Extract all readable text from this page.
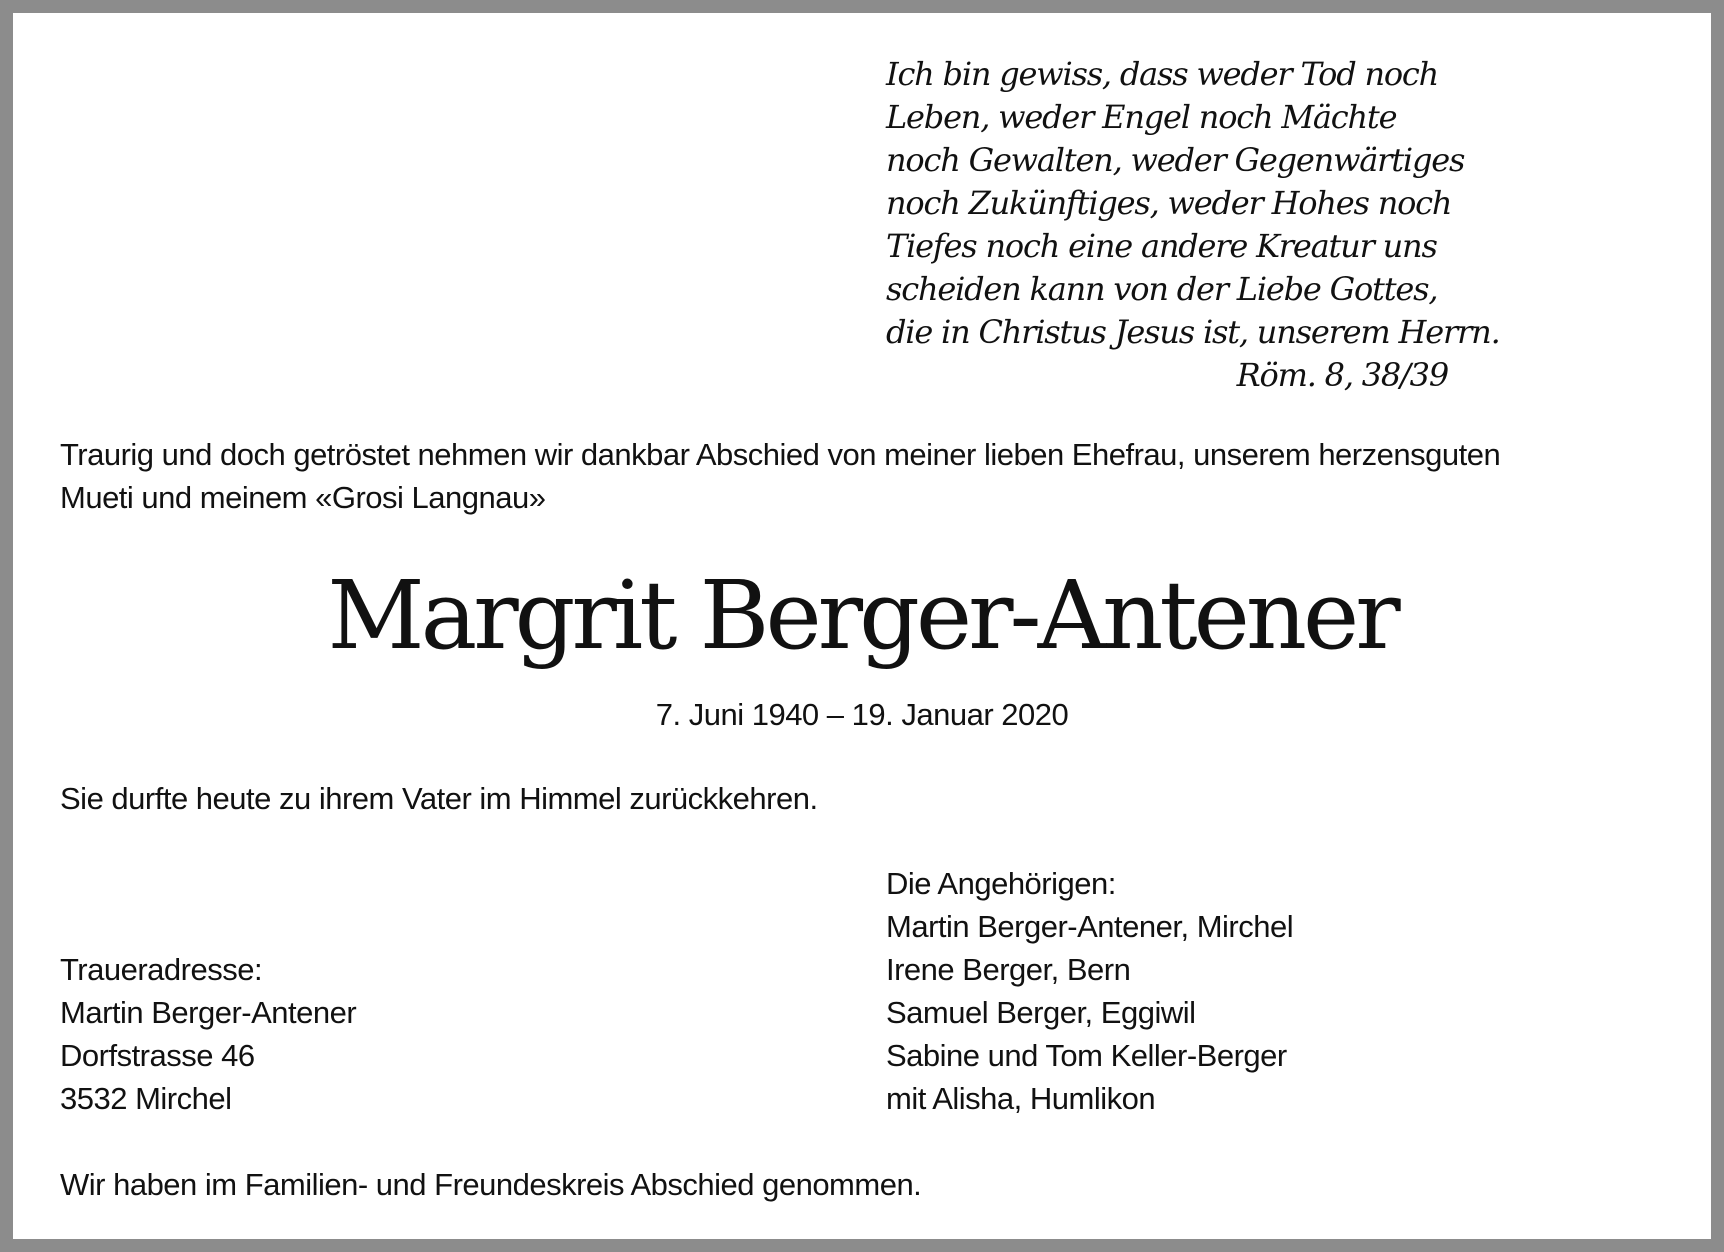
Ich bin gewiss, dass weder Tod noch
Leben, weder Engel noch Mächte
noch Gewalten, weder Gegenwärtiges
noch Zukünftiges, weder Hohes noch
Tiefes noch eine andere Kreatur uns
scheiden kann von der Liebe Gottes,
die in Christus Jesus ist, unserem Herrn.
Röm. 8, 38/39
Traurig und doch getröstet nehmen wir dankbar Abschied von meiner lieben Ehefrau, unserem herzensguten
Mueti und meinem «Grosi Langnau»
Margrit Berger-Antener
7. Juni 1940 – 19. Januar 2020
Sie durfte heute zu ihrem Vater im Himmel zurückkehren.
Die Angehörigen:
Martin Berger-Antener, Mirchel
Irene Berger, Bern
Samuel Berger, Eggiwil
Sabine und Tom Keller-Berger
mit Alisha, Humlikon
Traueradresse:
Martin Berger-Antener
Dorfstrasse 46
3532 Mirchel
Wir haben im Familien- und Freundeskreis Abschied genommen.
